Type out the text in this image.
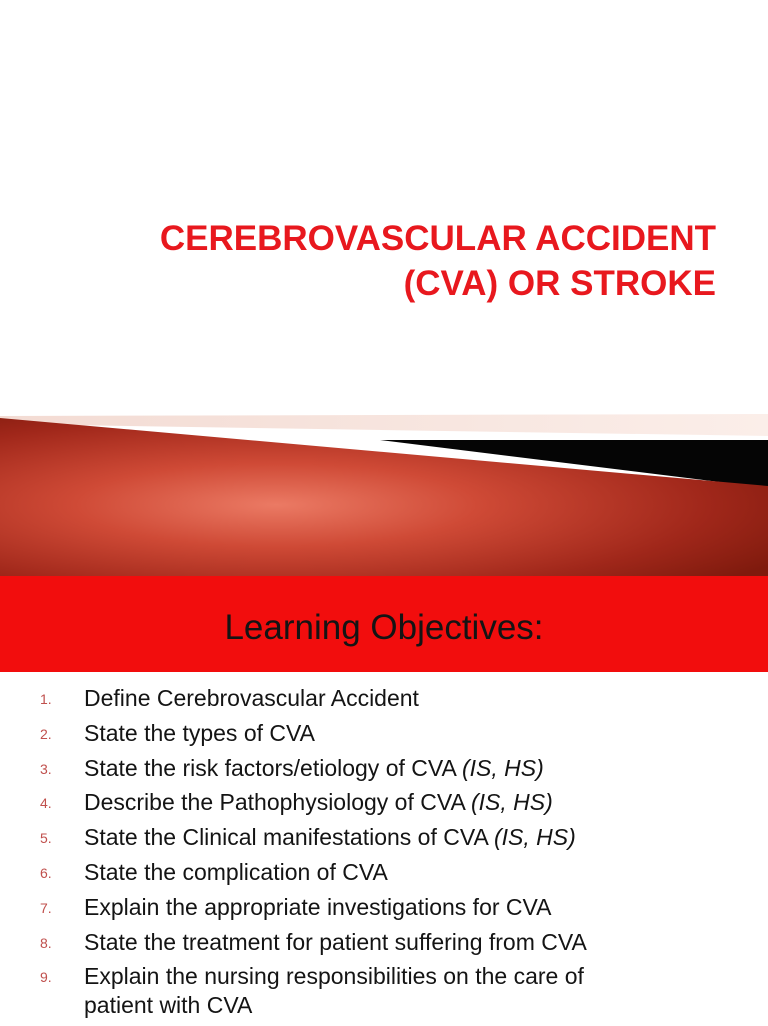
CEREBROVASCULAR ACCIDENT
(CVA) OR STROKE
Learning Objectives:
1. Define Cerebrovascular Accident
2. State the types of CVA
3. State the risk factors/etiology of CVA (IS, HS)
4. Describe the Pathophysiology of CVA (IS, HS)
5. State the Clinical manifestations of CVA (IS, HS)
6. State the complication of CVA
7. Explain the appropriate investigations for CVA
8. State the treatment for patient suffering from CVA
9. Explain the nursing responsibilities on the care of patient with CVA
